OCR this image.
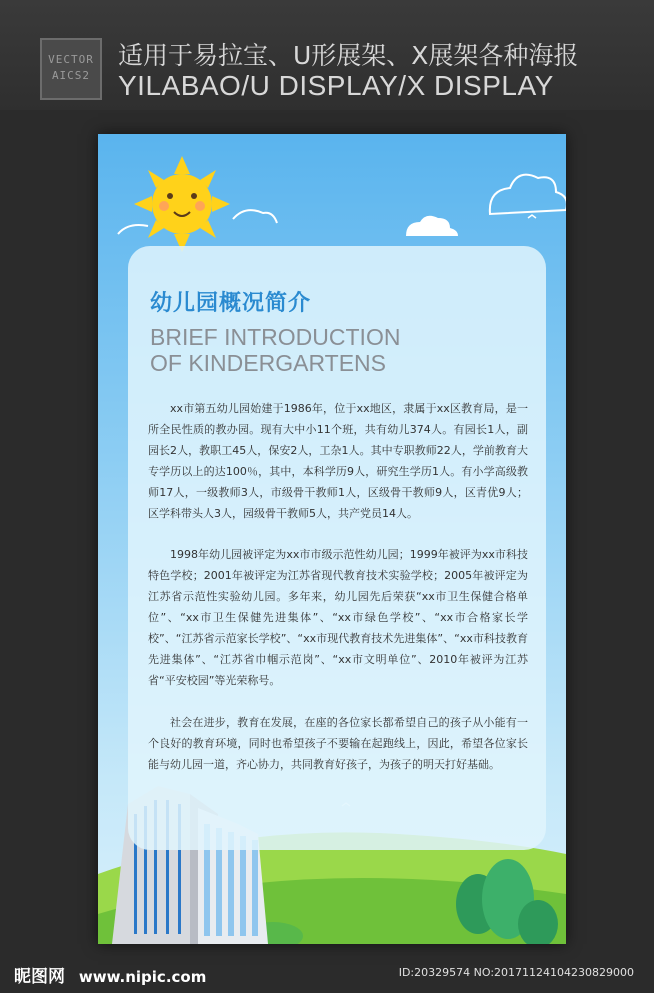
VECTOR
AICS2
适用于易拉宝、U形展架、X展架各种海报
YILABAO/U DISPLAY/X DISPLAY
幼儿园概况简介
BRIEF INTRODUCTION
OF KINDERGARTENS

xx市第五幼儿园始建于1986年，位于xx地区，隶属于xx区教育局，是一所全民性质的教办园。现有大中小11个班，共有幼儿374人。有园长1人，副园长2人，教职工45人，保安2人，工杂1人。其中专职教师22人，学前教育大专学历以上的达100％，其中，本科学历9人，研究生学历1人。有小学高级教师17人，一级教师3人，市级骨干教师1人，区级骨干教师9人，区青优9人；区学科带头人3人，园级骨干教师5人，共产党员14人。

1998年幼儿园被评定为xx市市级示范性幼儿园；1999年被评为xx市科技特色学校；2001年被评定为江苏省现代教育技术实验学校；2005年被评定为江苏省示范性实验幼儿园。多年来，幼儿园先后荣获“xx市卫生保健合格单位”、“xx市卫生保健先进集体”、“xx市绿色学校”、“xx市合格家长学校”、“江苏省示范家长学校”、“xx市现代教育技术先进集体”、“xx市科技教育先进集体”、“江苏省巾帼示范岗”、“xx市文明单位”、2010年被评为江苏省“平安校园”等光荣称号。

社会在进步，教育在发展，在座的各位家长都希望自己的孩子从小能有一个良好的教育环境，同时也希望孩子不要输在起跑线上，因此，希望各位家长能与幼儿园一道，齐心协力，共同教育好孩子，为孩子的明天打好基础。

昵图网 www.nipic.com	ID:20329574 NO:20171124104230829000
